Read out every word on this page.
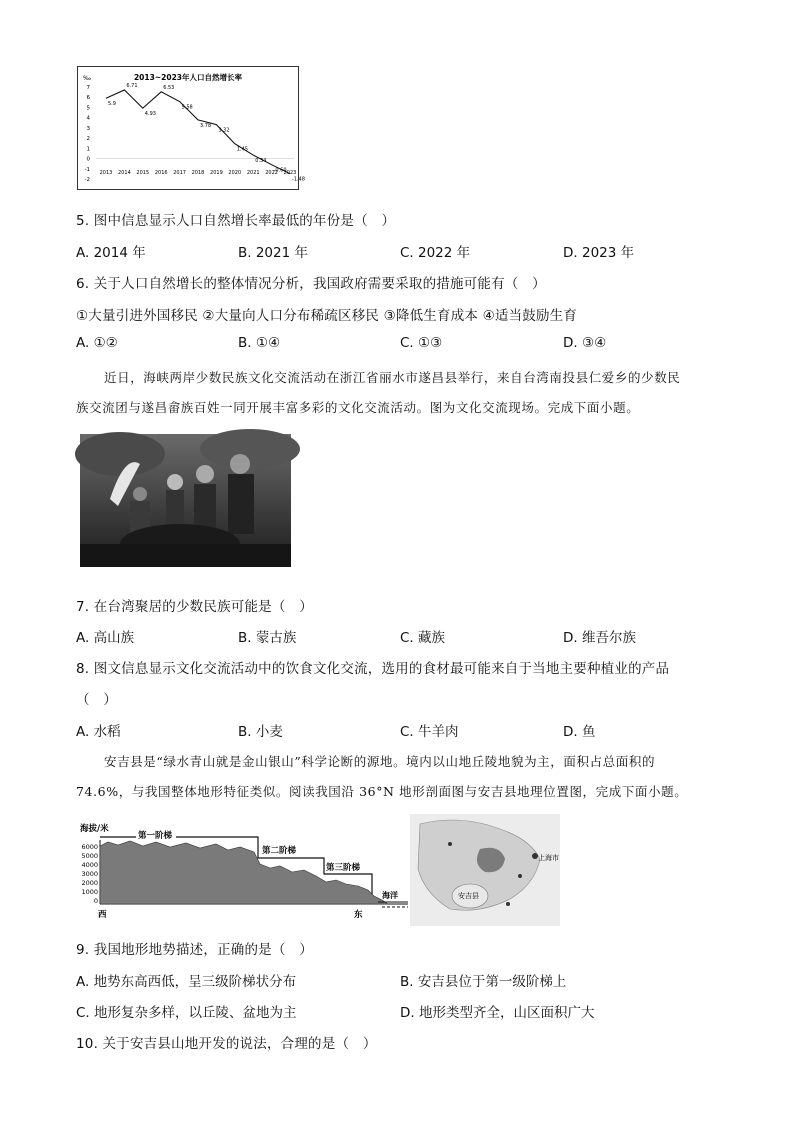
2013~2023年人口自然增长率
‰
7
6
5
4
3
2
1
0
-1
-2
2013 2014 2015 2016 2017 2018 2019 2020 2021 2022 2023
5.9
6.71
4.93
6.53
5.58
3.78
3.32
1.45
0.34
-0.60
-1.48
5. 图中信息显示人口自然增长率最低的年份是（　）
A. 2014 年	B. 2021 年	C. 2022 年	D. 2023 年
6. 关于人口自然增长的整体情况分析，我国政府需要采取的措施可能有（　）
①大量引进外国移民 ②大量向人口分布稀疏区移民 ③降低生育成本 ④适当鼓励生育
A. ①②	B. ①④	C. ①③	D. ③④
近日，海峡两岸少数民族文化交流活动在浙江省丽水市遂昌县举行，来自台湾南投县仁爱乡的少数民
族交流团与遂昌畲族百姓一同开展丰富多彩的文化交流活动。图为文化交流现场。完成下面小题。
7. 在台湾聚居的少数民族可能是（　）
A. 高山族	B. 蒙古族	C. 藏族	D. 维吾尔族
8. 图文信息显示文化交流活动中的饮食文化交流，选用的食材最可能来自于当地主要种植业的产品
（　）
A. 水稻	B. 小麦	C. 牛羊肉	D. 鱼
安吉县是“绿水青山就是金山银山”科学论断的源地。境内以山地丘陵地貌为主，面积占总面积的
74.6%，与我国整体地形特征类似。阅读我国沿 36°N 地形剖面图与安吉县地理位置图，完成下面小题。
海拔/米
6000
5000
4000
3000
2000
1000
0
第一阶梯
第二阶梯
第三阶梯
海洋
西	东
上海市
安吉县
9. 我国地形地势描述，正确的是（　）
A. 地势东高西低，呈三级阶梯状分布	B. 安吉县位于第一级阶梯上
C. 地形复杂多样，以丘陵、盆地为主	D. 地形类型齐全，山区面积广大
10. 关于安吉县山地开发的说法，合理的是（　）
